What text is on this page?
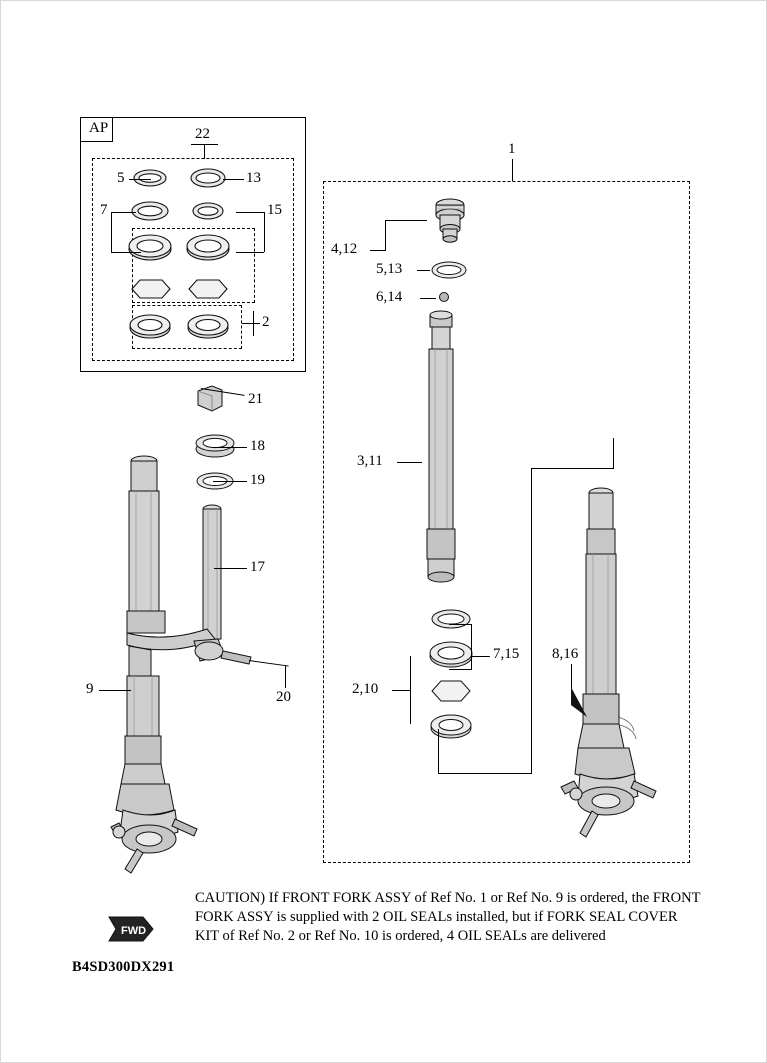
AP	22
5	13
7	15
2
1
4,12
5,13
6,14
3,11
7,15
2,10
8,16
21
18
19
17
9	20
FWD
CAUTION) If FRONT FORK ASSY of Ref No. 1 or Ref No. 9 is ordered, the FRONT FORK ASSY is supplied with 2 OIL SEALs installed, but if FORK SEAL COVER KIT of Ref No. 2 or Ref No. 10 is ordered, 4 OIL SEALs are delivered
B4SD300DX291
